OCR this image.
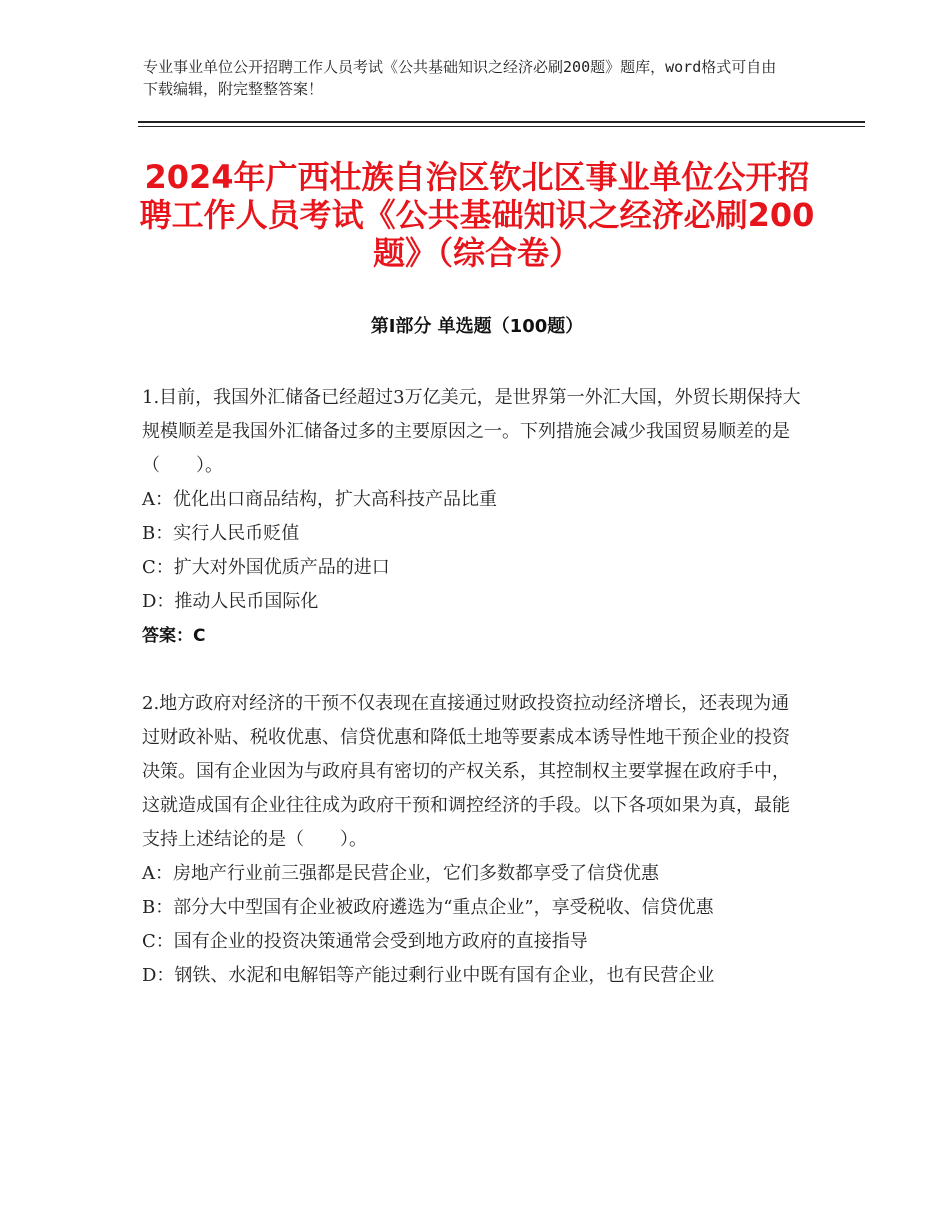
专业事业单位公开招聘工作人员考试《公共基础知识之经济必刷200题》题库，word格式可自由下载编辑，附完整整答案！
2024年广西壮族自治区钦北区事业单位公开招聘工作人员考试《公共基础知识之经济必刷200题》（综合卷）
第Ⅰ部分 单选题（100题）

1.目前，我国外汇储备已经超过3万亿美元，是世界第一外汇大国，外贸长期保持大规模顺差是我国外汇储备过多的主要原因之一。下列措施会减少我国贸易顺差的是（　　）。

A：优化出口商品结构，扩大高科技产品比重

B：实行人民币贬值

C：扩大对外国优质产品的进口

D：推动人民币国际化

答案：C

2.地方政府对经济的干预不仅表现在直接通过财政投资拉动经济增长，还表现为通过财政补贴、税收优惠、信贷优惠和降低土地等要素成本诱导性地干预企业的投资决策。国有企业因为与政府具有密切的产权关系，其控制权主要掌握在政府手中，这就造成国有企业往往成为政府干预和调控经济的手段。以下各项如果为真，最能支持上述结论的是（　　）。

A：房地产行业前三强都是民营企业，它们多数都享受了信贷优惠

B：部分大中型国有企业被政府遴选为“重点企业”，享受税收、信贷优惠

C：国有企业的投资决策通常会受到地方政府的直接指导

D：钢铁、水泥和电解铝等产能过剩行业中既有国有企业，也有民营企业
